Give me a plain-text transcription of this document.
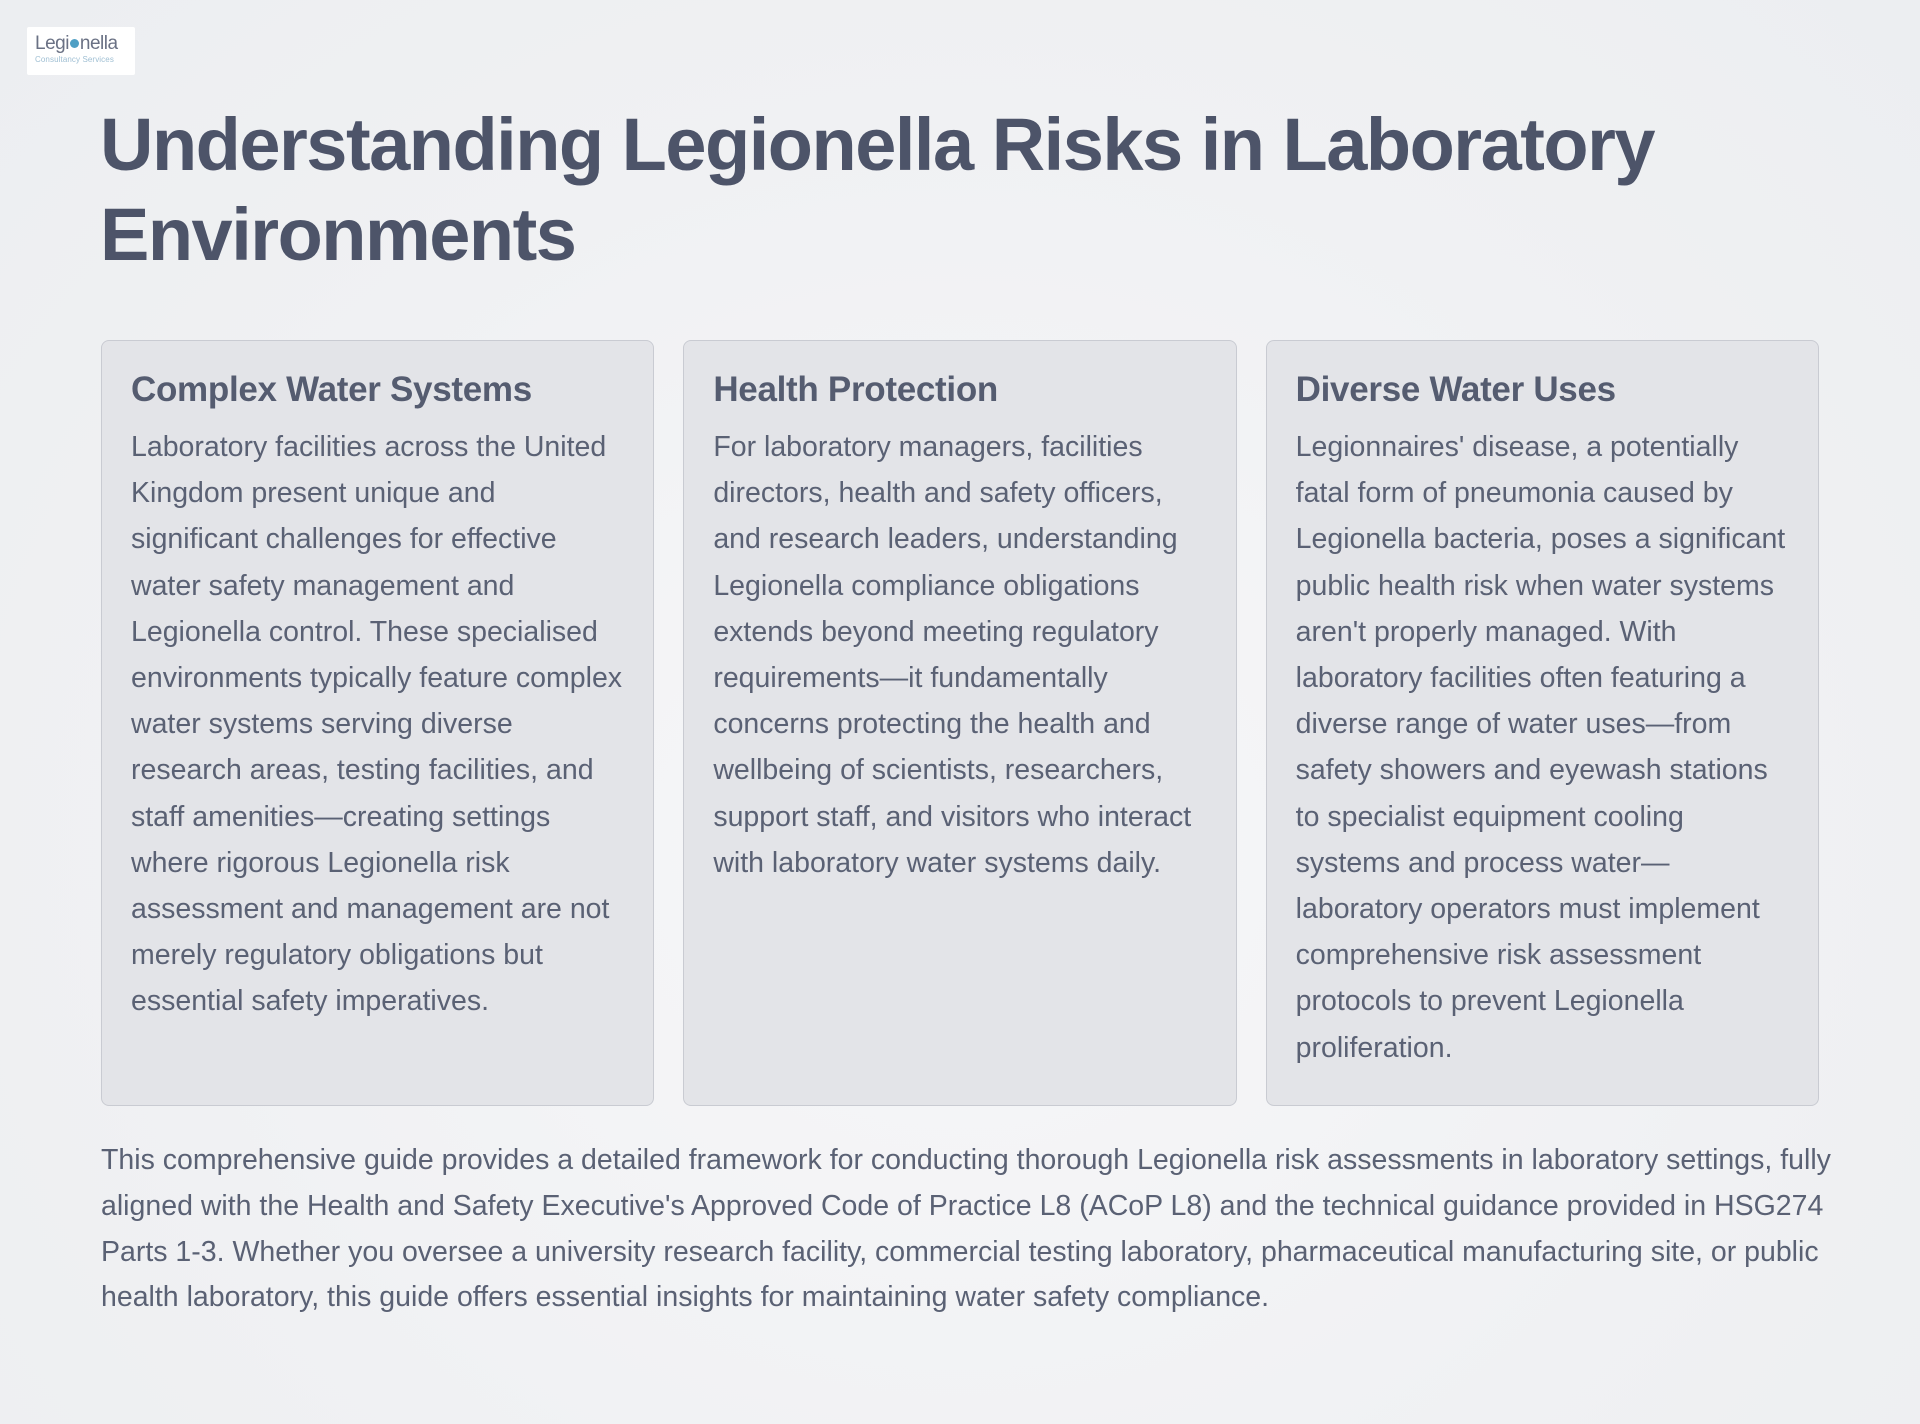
Legi nella
Consultancy Services
Understanding Legionella Risks in Laboratory Environments
Complex Water Systems

Laboratory facilities across the United Kingdom present unique and significant challenges for effective water safety management and Legionella control. These specialised environments typically feature complex water systems serving diverse research areas, testing facilities, and staff amenities—creating settings where rigorous Legionella risk assessment and management are not merely regulatory obligations but essential safety imperatives.

Health Protection

For laboratory managers, facilities directors, health and safety officers, and research leaders, understanding Legionella compliance obligations extends beyond meeting regulatory requirements—it fundamentally concerns protecting the health and wellbeing of scientists, researchers, support staff, and visitors who interact with laboratory water systems daily.

Diverse Water Uses

Legionnaires' disease, a potentially fatal form of pneumonia caused by Legionella bacteria, poses a significant public health risk when water systems aren't properly managed. With laboratory facilities often featuring a diverse range of water uses—from safety showers and eyewash stations to specialist equipment cooling systems and process water—laboratory operators must implement comprehensive risk assessment protocols to prevent Legionella proliferation.

This comprehensive guide provides a detailed framework for conducting thorough Legionella risk assessments in laboratory settings, fully aligned with the Health and Safety Executive's Approved Code of Practice L8 (ACoP L8) and the technical guidance provided in HSG274 Parts 1-3. Whether you oversee a university research facility, commercial testing laboratory, pharmaceutical manufacturing site, or public health laboratory, this guide offers essential insights for maintaining water safety compliance.
